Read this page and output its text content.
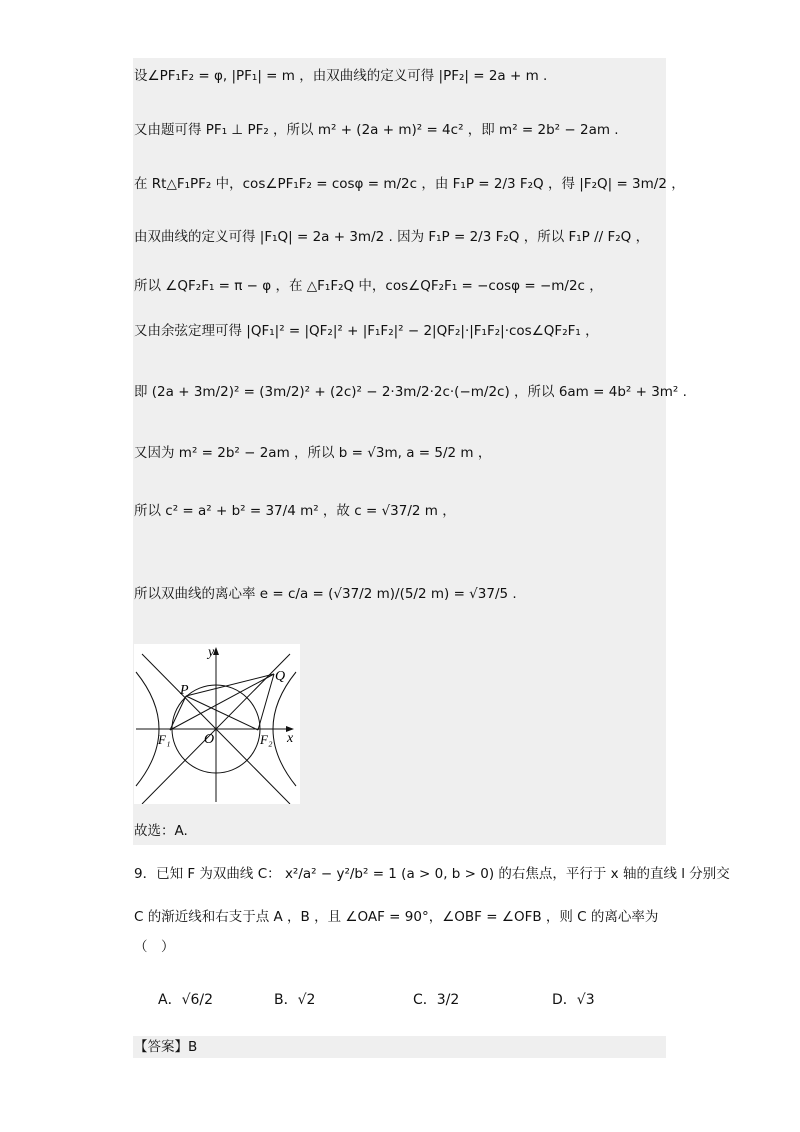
设∠PF₁F₂ = φ, |PF₁| = m ，由双曲线的定义可得 |PF₂| = 2a + m .
又由题可得 PF₁ ⊥ PF₂ ，所以 m² + (2a + m)² = 4c² ，即 m² = 2b² − 2am .
在 Rt△F₁PF₂ 中，cos∠PF₁F₂ = cosφ = m/2c ，由 F₁P = 2/3 F₂Q ，得 |F₂Q| = 3m/2 ，
由双曲线的定义可得 |F₁Q| = 2a + 3m/2 . 因为 F₁P = 2/3 F₂Q ，所以 F₁P // F₂Q ，
所以 ∠QF₂F₁ = π − φ ，在 △F₁F₂Q 中，cos∠QF₂F₁ = −cosφ = −m/2c ，
又由余弦定理可得 |QF₁|² = |QF₂|² + |F₁F₂|² − 2|QF₂|·|F₁F₂|·cos∠QF₂F₁ ，
即 (2a + 3m/2)² = (3m/2)² + (2c)² − 2·3m/2·2c·(−m/2c) ，所以 6am = 4b² + 3m² .
又因为 m² = 2b² − 2am ，所以 b = √3m, a = 5/2 m ，
所以 c² = a² + b² = 37/4 m² ，故 c = √37/2 m ，
所以双曲线的离心率 e = c/a = (√37/2 m)/(5/2 m) = √37/5 .
y
x
P
Q
O
F₁	F₂
故选：A.
9．已知 F 为双曲线 C： x²/a² − y²/b² = 1 (a > 0, b > 0) 的右焦点，平行于 x 轴的直线 l 分别交
C 的渐近线和右支于点 A ，B ，且 ∠OAF = 90°，∠OBF = ∠OFB ，则 C 的离心率为
（　）
A．√6/2	B．√2	C．3/2	D．√3
【答案】B
